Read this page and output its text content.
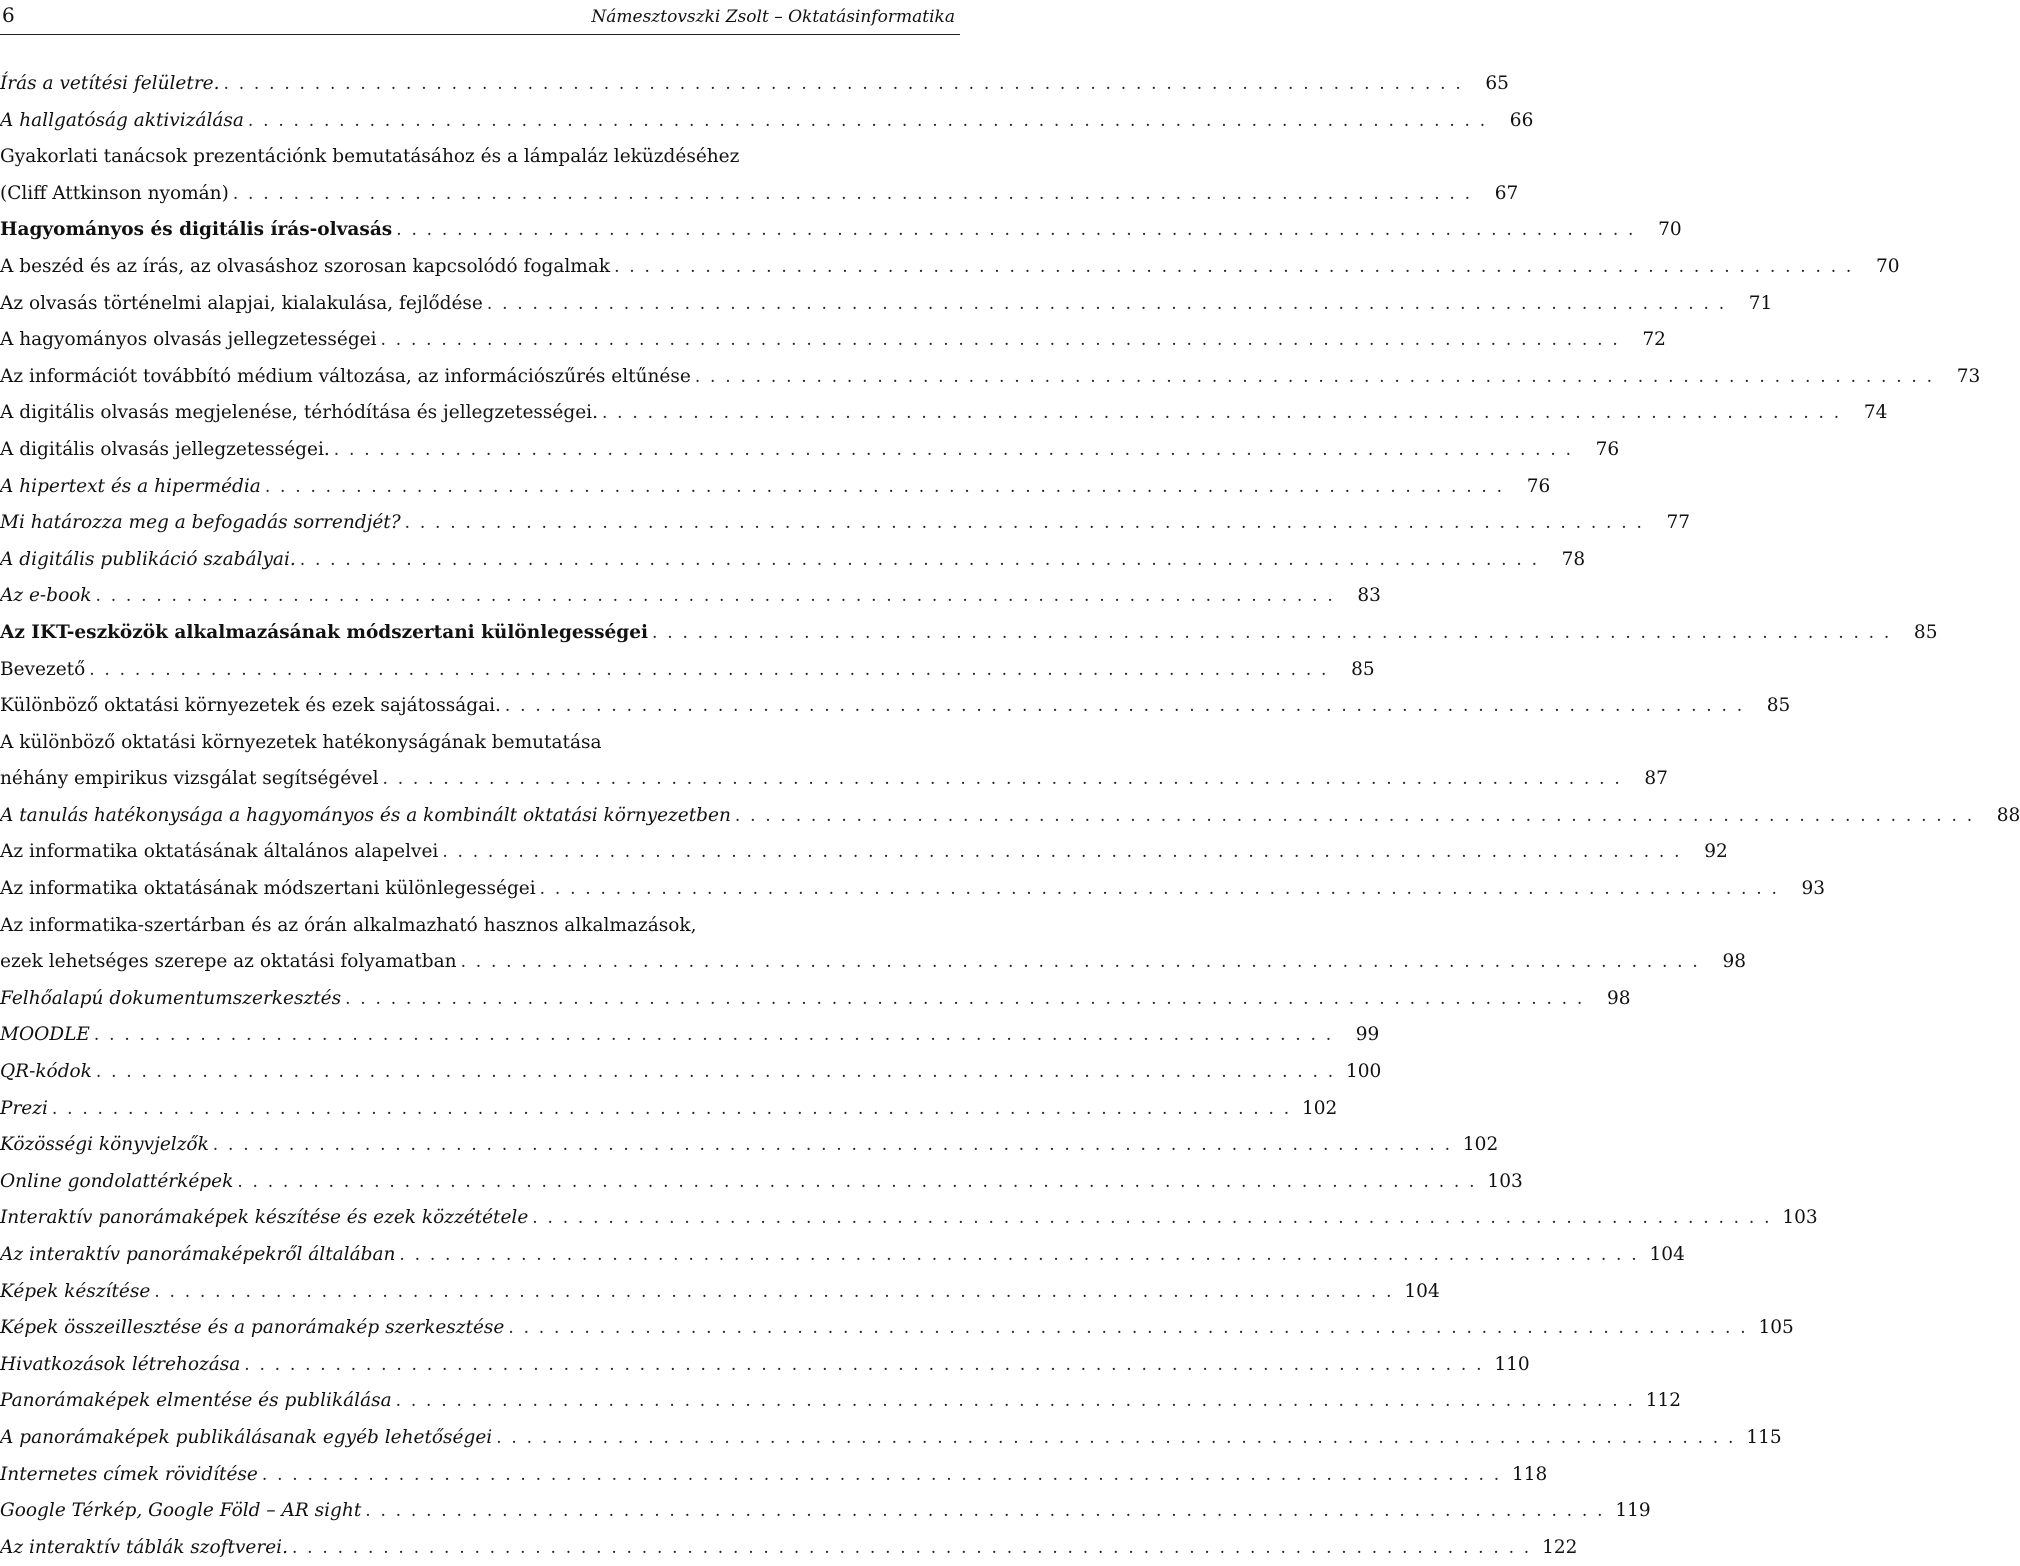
6	Námesztovszki Zsolt – Oktatásinformatika
Írás a vetítési felületre. . . . . . . . . . . . . . . . . . . . . . . . . . . . . . . . . . . . . . . . . . . . . . . . . . . . . . . . . . . . . . . . . . . . . . . . . . . . . . . . . . .	65
A hallgatóság aktivizálása . . . . . . . . . . . . . . . . . . . . . . . . . . . . . . . . . . . . . . . . . . . . . . . . . . . . . . . . . . . . . . . . . . . . . . . . . . . . . . . . . .	66
Gyakorlati tanácsok prezentációnk bemutatásához és a lámpaláz leküzdéséhez
(Cliff Attkinson nyomán) . . . . . . . . . . . . . . . . . . . . . . . . . . . . . . . . . . . . . . . . . . . . . . . . . . . . . . . . . . . . . . . . . . . . . . . . . . . . . . . . . .	67
Hagyományos és digitális írás-olvasás . . . . . . . . . . . . . . . . . . . . . . . . . . . . . . . . . . . . . . . . . . . . . . . . . . . . . . . . . . . . . . . . . . . . . . . . . . . . . . . . . .	70
A beszéd és az írás, az olvasáshoz szorosan kapcsolódó fogalmak . . . . . . . . . . . . . . . . . . . . . . . . . . . . . . . . . . . . . . . . . . . . . . . . . . . . . . . . . . . . . . . . . . . . . . . . . . . . . . . . . .	70
Az olvasás történelmi alapjai, kialakulása, fejlődése . . . . . . . . . . . . . . . . . . . . . . . . . . . . . . . . . . . . . . . . . . . . . . . . . . . . . . . . . . . . . . . . . . . . . . . . . . . . . . . . . .	71
A hagyományos olvasás jellegzetességei . . . . . . . . . . . . . . . . . . . . . . . . . . . . . . . . . . . . . . . . . . . . . . . . . . . . . . . . . . . . . . . . . . . . . . . . . . . . . . . . . .	72
Az információt továbbító médium változása, az információszűrés eltűnése . . . . . . . . . . . . . . . . . . . . . . . . . . . . . . . . . . . . . . . . . . . . . . . . . . . . . . . . . . . . . . . . . . . . . . . . . . . . . . . . . .	73
A digitális olvasás megjelenése, térhódítása és jellegzetességei. . . . . . . . . . . . . . . . . . . . . . . . . . . . . . . . . . . . . . . . . . . . . . . . . . . . . . . . . . . . . . . . . . . . . . . . . . . . . . . . . . .	74
A digitális olvasás jellegzetességei. . . . . . . . . . . . . . . . . . . . . . . . . . . . . . . . . . . . . . . . . . . . . . . . . . . . . . . . . . . . . . . . . . . . . . . . . . . . . . . . . . .	76
A hipertext és a hipermédia . . . . . . . . . . . . . . . . . . . . . . . . . . . . . . . . . . . . . . . . . . . . . . . . . . . . . . . . . . . . . . . . . . . . . . . . . . . . . . . . . .	76
Mi határozza meg a befogadás sorrendjét? . . . . . . . . . . . . . . . . . . . . . . . . . . . . . . . . . . . . . . . . . . . . . . . . . . . . . . . . . . . . . . . . . . . . . . . . . . . . . . . . . .	77
A digitális publikáció szabályai. . . . . . . . . . . . . . . . . . . . . . . . . . . . . . . . . . . . . . . . . . . . . . . . . . . . . . . . . . . . . . . . . . . . . . . . . . . . . . . . . . .	78
Az e-book . . . . . . . . . . . . . . . . . . . . . . . . . . . . . . . . . . . . . . . . . . . . . . . . . . . . . . . . . . . . . . . . . . . . . . . . . . . . . . . . . .	83
Az IKT-eszközök alkalmazásának módszertani különlegességei . . . . . . . . . . . . . . . . . . . . . . . . . . . . . . . . . . . . . . . . . . . . . . . . . . . . . . . . . . . . . . . . . . . . . . . . . . . . . . . . . .	85
Bevezető . . . . . . . . . . . . . . . . . . . . . . . . . . . . . . . . . . . . . . . . . . . . . . . . . . . . . . . . . . . . . . . . . . . . . . . . . . . . . . . . . .	85
Különböző oktatási környezetek és ezek sajátosságai. . . . . . . . . . . . . . . . . . . . . . . . . . . . . . . . . . . . . . . . . . . . . . . . . . . . . . . . . . . . . . . . . . . . . . . . . . . . . . . . . . .	85
A különböző oktatási környezetek hatékonyságának bemutatása
néhány empirikus vizsgálat segítségével . . . . . . . . . . . . . . . . . . . . . . . . . . . . . . . . . . . . . . . . . . . . . . . . . . . . . . . . . . . . . . . . . . . . . . . . . . . . . . . . . .	87
A tanulás hatékonysága a hagyományos és a kombinált oktatási környezetben . . . . . . . . . . . . . . . . . . . . . . . . . . . . . . . . . . . . . . . . . . . . . . . . . . . . . . . . . . . . . . . . . . . . . . . . . . . . . . . . . .	88
Az informatika oktatásának általános alapelvei . . . . . . . . . . . . . . . . . . . . . . . . . . . . . . . . . . . . . . . . . . . . . . . . . . . . . . . . . . . . . . . . . . . . . . . . . . . . . . . . . .	92
Az informatika oktatásának módszertani különlegességei . . . . . . . . . . . . . . . . . . . . . . . . . . . . . . . . . . . . . . . . . . . . . . . . . . . . . . . . . . . . . . . . . . . . . . . . . . . . . . . . . .	93
Az informatika-szertárban és az órán alkalmazható hasznos alkalmazások,
ezek lehetséges szerepe az oktatási folyamatban . . . . . . . . . . . . . . . . . . . . . . . . . . . . . . . . . . . . . . . . . . . . . . . . . . . . . . . . . . . . . . . . . . . . . . . . . . . . . . . . . .	98
Felhőalapú dokumentumszerkesztés . . . . . . . . . . . . . . . . . . . . . . . . . . . . . . . . . . . . . . . . . . . . . . . . . . . . . . . . . . . . . . . . . . . . . . . . . . . . . . . . . .	98
MOODLE . . . . . . . . . . . . . . . . . . . . . . . . . . . . . . . . . . . . . . . . . . . . . . . . . . . . . . . . . . . . . . . . . . . . . . . . . . . . . . . . . .	99
QR-kódok . . . . . . . . . . . . . . . . . . . . . . . . . . . . . . . . . . . . . . . . . . . . . . . . . . . . . . . . . . . . . . . . . . . . . . . . . . . . . . . . . . 100
Prezi . . . . . . . . . . . . . . . . . . . . . . . . . . . . . . . . . . . . . . . . . . . . . . . . . . . . . . . . . . . . . . . . . . . . . . . . . . . . . . . . . . 102
Közösségi könyvjelzők . . . . . . . . . . . . . . . . . . . . . . . . . . . . . . . . . . . . . . . . . . . . . . . . . . . . . . . . . . . . . . . . . . . . . . . . . . . . . . . . . . 102
Online gondolattérképek . . . . . . . . . . . . . . . . . . . . . . . . . . . . . . . . . . . . . . . . . . . . . . . . . . . . . . . . . . . . . . . . . . . . . . . . . . . . . . . . . . 103
Interaktív panorámaképek készítése és ezek közzététele . . . . . . . . . . . . . . . . . . . . . . . . . . . . . . . . . . . . . . . . . . . . . . . . . . . . . . . . . . . . . . . . . . . . . . . . . . . . . . . . . . 103
Az interaktív panorámaképekről általában . . . . . . . . . . . . . . . . . . . . . . . . . . . . . . . . . . . . . . . . . . . . . . . . . . . . . . . . . . . . . . . . . . . . . . . . . . . . . . . . . . 104
Képek készítése . . . . . . . . . . . . . . . . . . . . . . . . . . . . . . . . . . . . . . . . . . . . . . . . . . . . . . . . . . . . . . . . . . . . . . . . . . . . . . . . . . 104
Képek összeillesztése és a panorámakép szerkesztése . . . . . . . . . . . . . . . . . . . . . . . . . . . . . . . . . . . . . . . . . . . . . . . . . . . . . . . . . . . . . . . . . . . . . . . . . . . . . . . . . . 105
Hivatkozások létrehozása . . . . . . . . . . . . . . . . . . . . . . . . . . . . . . . . . . . . . . . . . . . . . . . . . . . . . . . . . . . . . . . . . . . . . . . . . . . . . . . . . . 110
Panorámaképek elmentése és publikálása . . . . . . . . . . . . . . . . . . . . . . . . . . . . . . . . . . . . . . . . . . . . . . . . . . . . . . . . . . . . . . . . . . . . . . . . . . . . . . . . . . 112
A panorámaképek publikálásanak egyéb lehetőségei . . . . . . . . . . . . . . . . . . . . . . . . . . . . . . . . . . . . . . . . . . . . . . . . . . . . . . . . . . . . . . . . . . . . . . . . . . . . . . . . . . 115
Internetes címek rövidítése . . . . . . . . . . . . . . . . . . . . . . . . . . . . . . . . . . . . . . . . . . . . . . . . . . . . . . . . . . . . . . . . . . . . . . . . . . . . . . . . . . 118
Google Térkép, Google Föld – AR sight . . . . . . . . . . . . . . . . . . . . . . . . . . . . . . . . . . . . . . . . . . . . . . . . . . . . . . . . . . . . . . . . . . . . . . . . . . . . . . . . . . 119
Az interaktív táblák szoftverei. . . . . . . . . . . . . . . . . . . . . . . . . . . . . . . . . . . . . . . . . . . . . . . . . . . . . . . . . . . . . . . . . . . . . . . . . . . . . . . . . . . 122
